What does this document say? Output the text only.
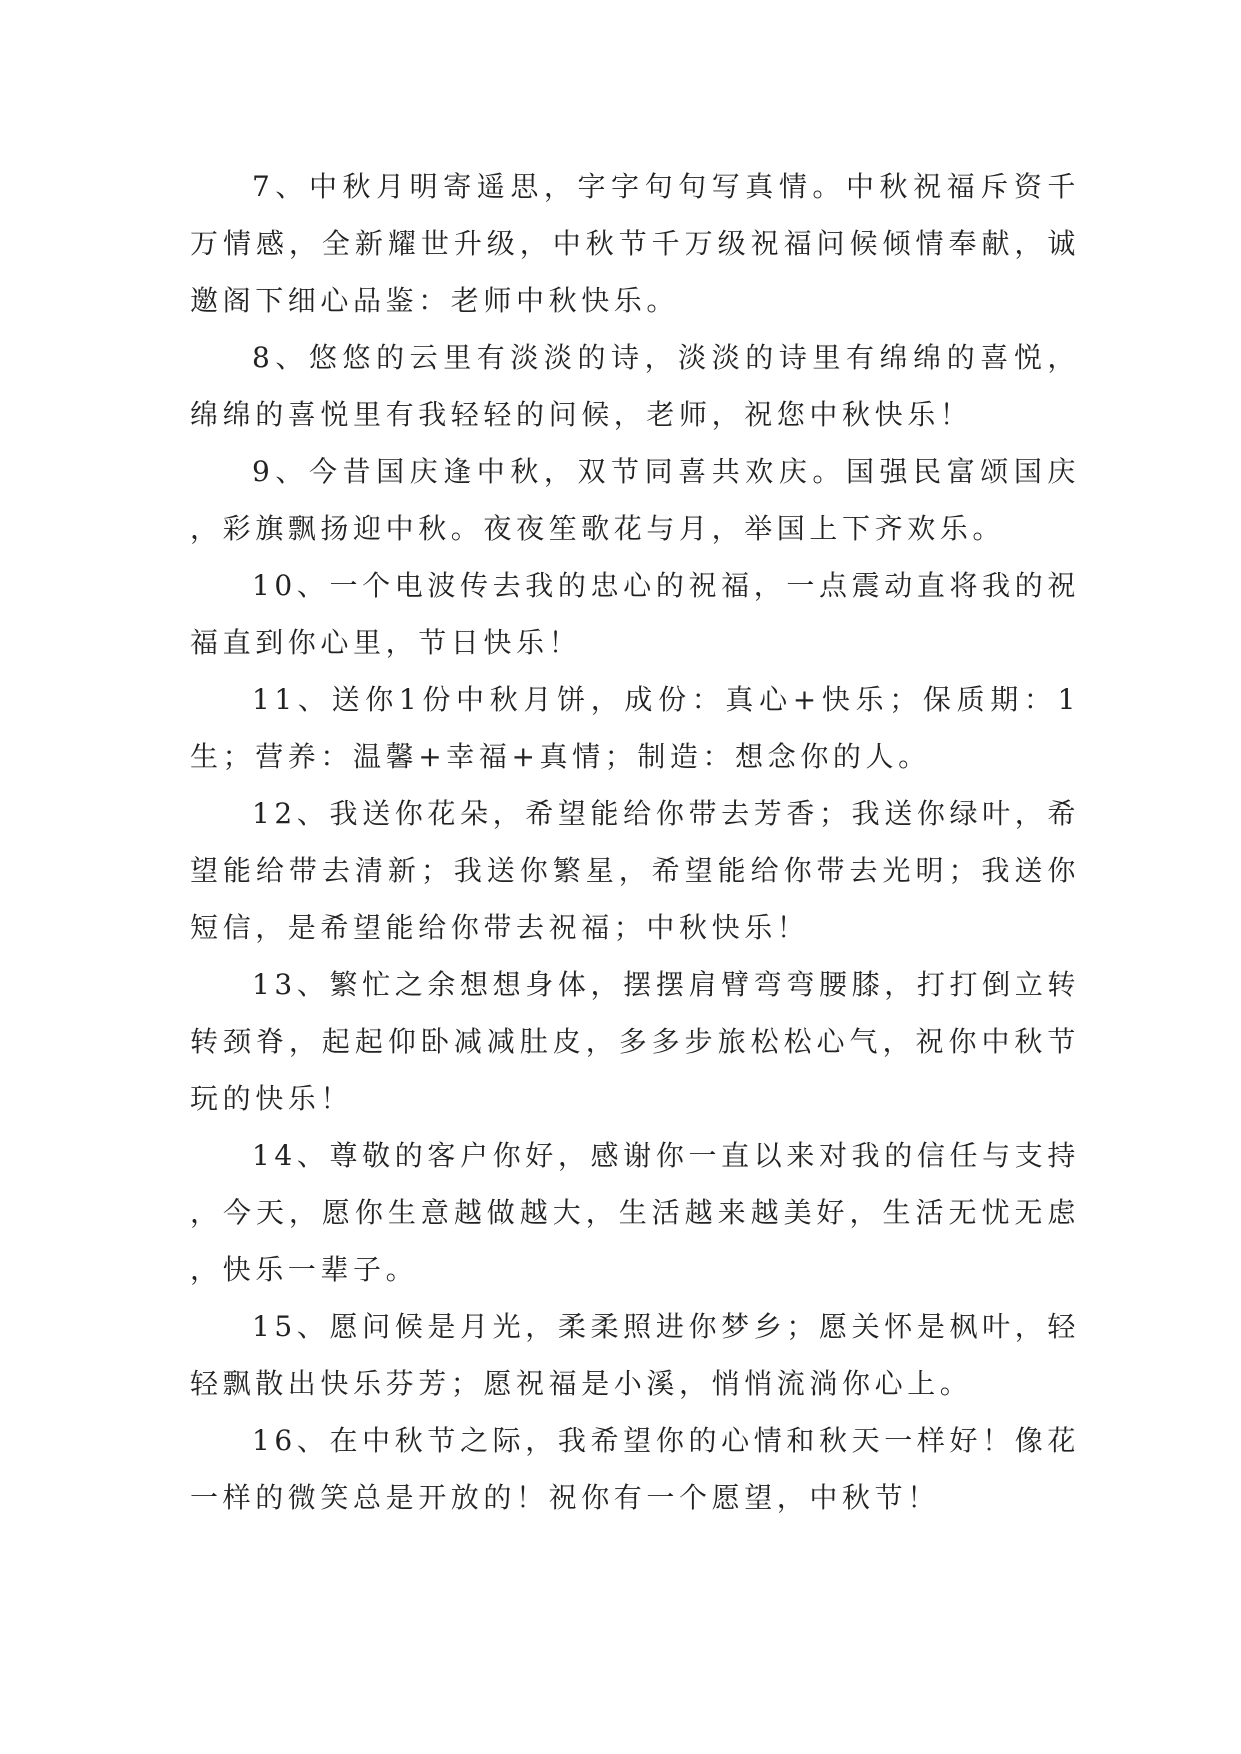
7、中秋月明寄遥思，字字句句写真情。中秋祝福斥资千万情感，全新耀世升级，中秋节千万级祝福问候倾情奉献，诚邀阁下细心品鉴：老师中秋快乐。

8、悠悠的云里有淡淡的诗，淡淡的诗里有绵绵的喜悦，绵绵的喜悦里有我轻轻的问候，老师，祝您中秋快乐！

9、今昔国庆逢中秋，双节同喜共欢庆。国强民富颂国庆，彩旗飘扬迎中秋。夜夜笙歌花与月，举国上下齐欢乐。

10、一个电波传去我的忠心的祝福，一点震动直将我的祝福直到你心里，节日快乐！

11、送你1份中秋月饼，成份：真心+快乐；保质期：1生；营养：温馨+幸福+真情；制造：想念你的人。

12、我送你花朵，希望能给你带去芳香；我送你绿叶，希望能给带去清新；我送你繁星，希望能给你带去光明；我送你短信，是希望能给你带去祝福；中秋快乐！

13、繁忙之余想想身体，摆摆肩臂弯弯腰膝，打打倒立转转颈脊，起起仰卧减减肚皮，多多步旅松松心气，祝你中秋节玩的快乐！

14、尊敬的客户你好，感谢你一直以来对我的信任与支持，今天，愿你生意越做越大，生活越来越美好，生活无忧无虑，快乐一辈子。

15、愿问候是月光，柔柔照进你梦乡；愿关怀是枫叶，轻轻飘散出快乐芬芳；愿祝福是小溪，悄悄流淌你心上。

16、在中秋节之际，我希望你的心情和秋天一样好！像花一样的微笑总是开放的！祝你有一个愿望，中秋节！
